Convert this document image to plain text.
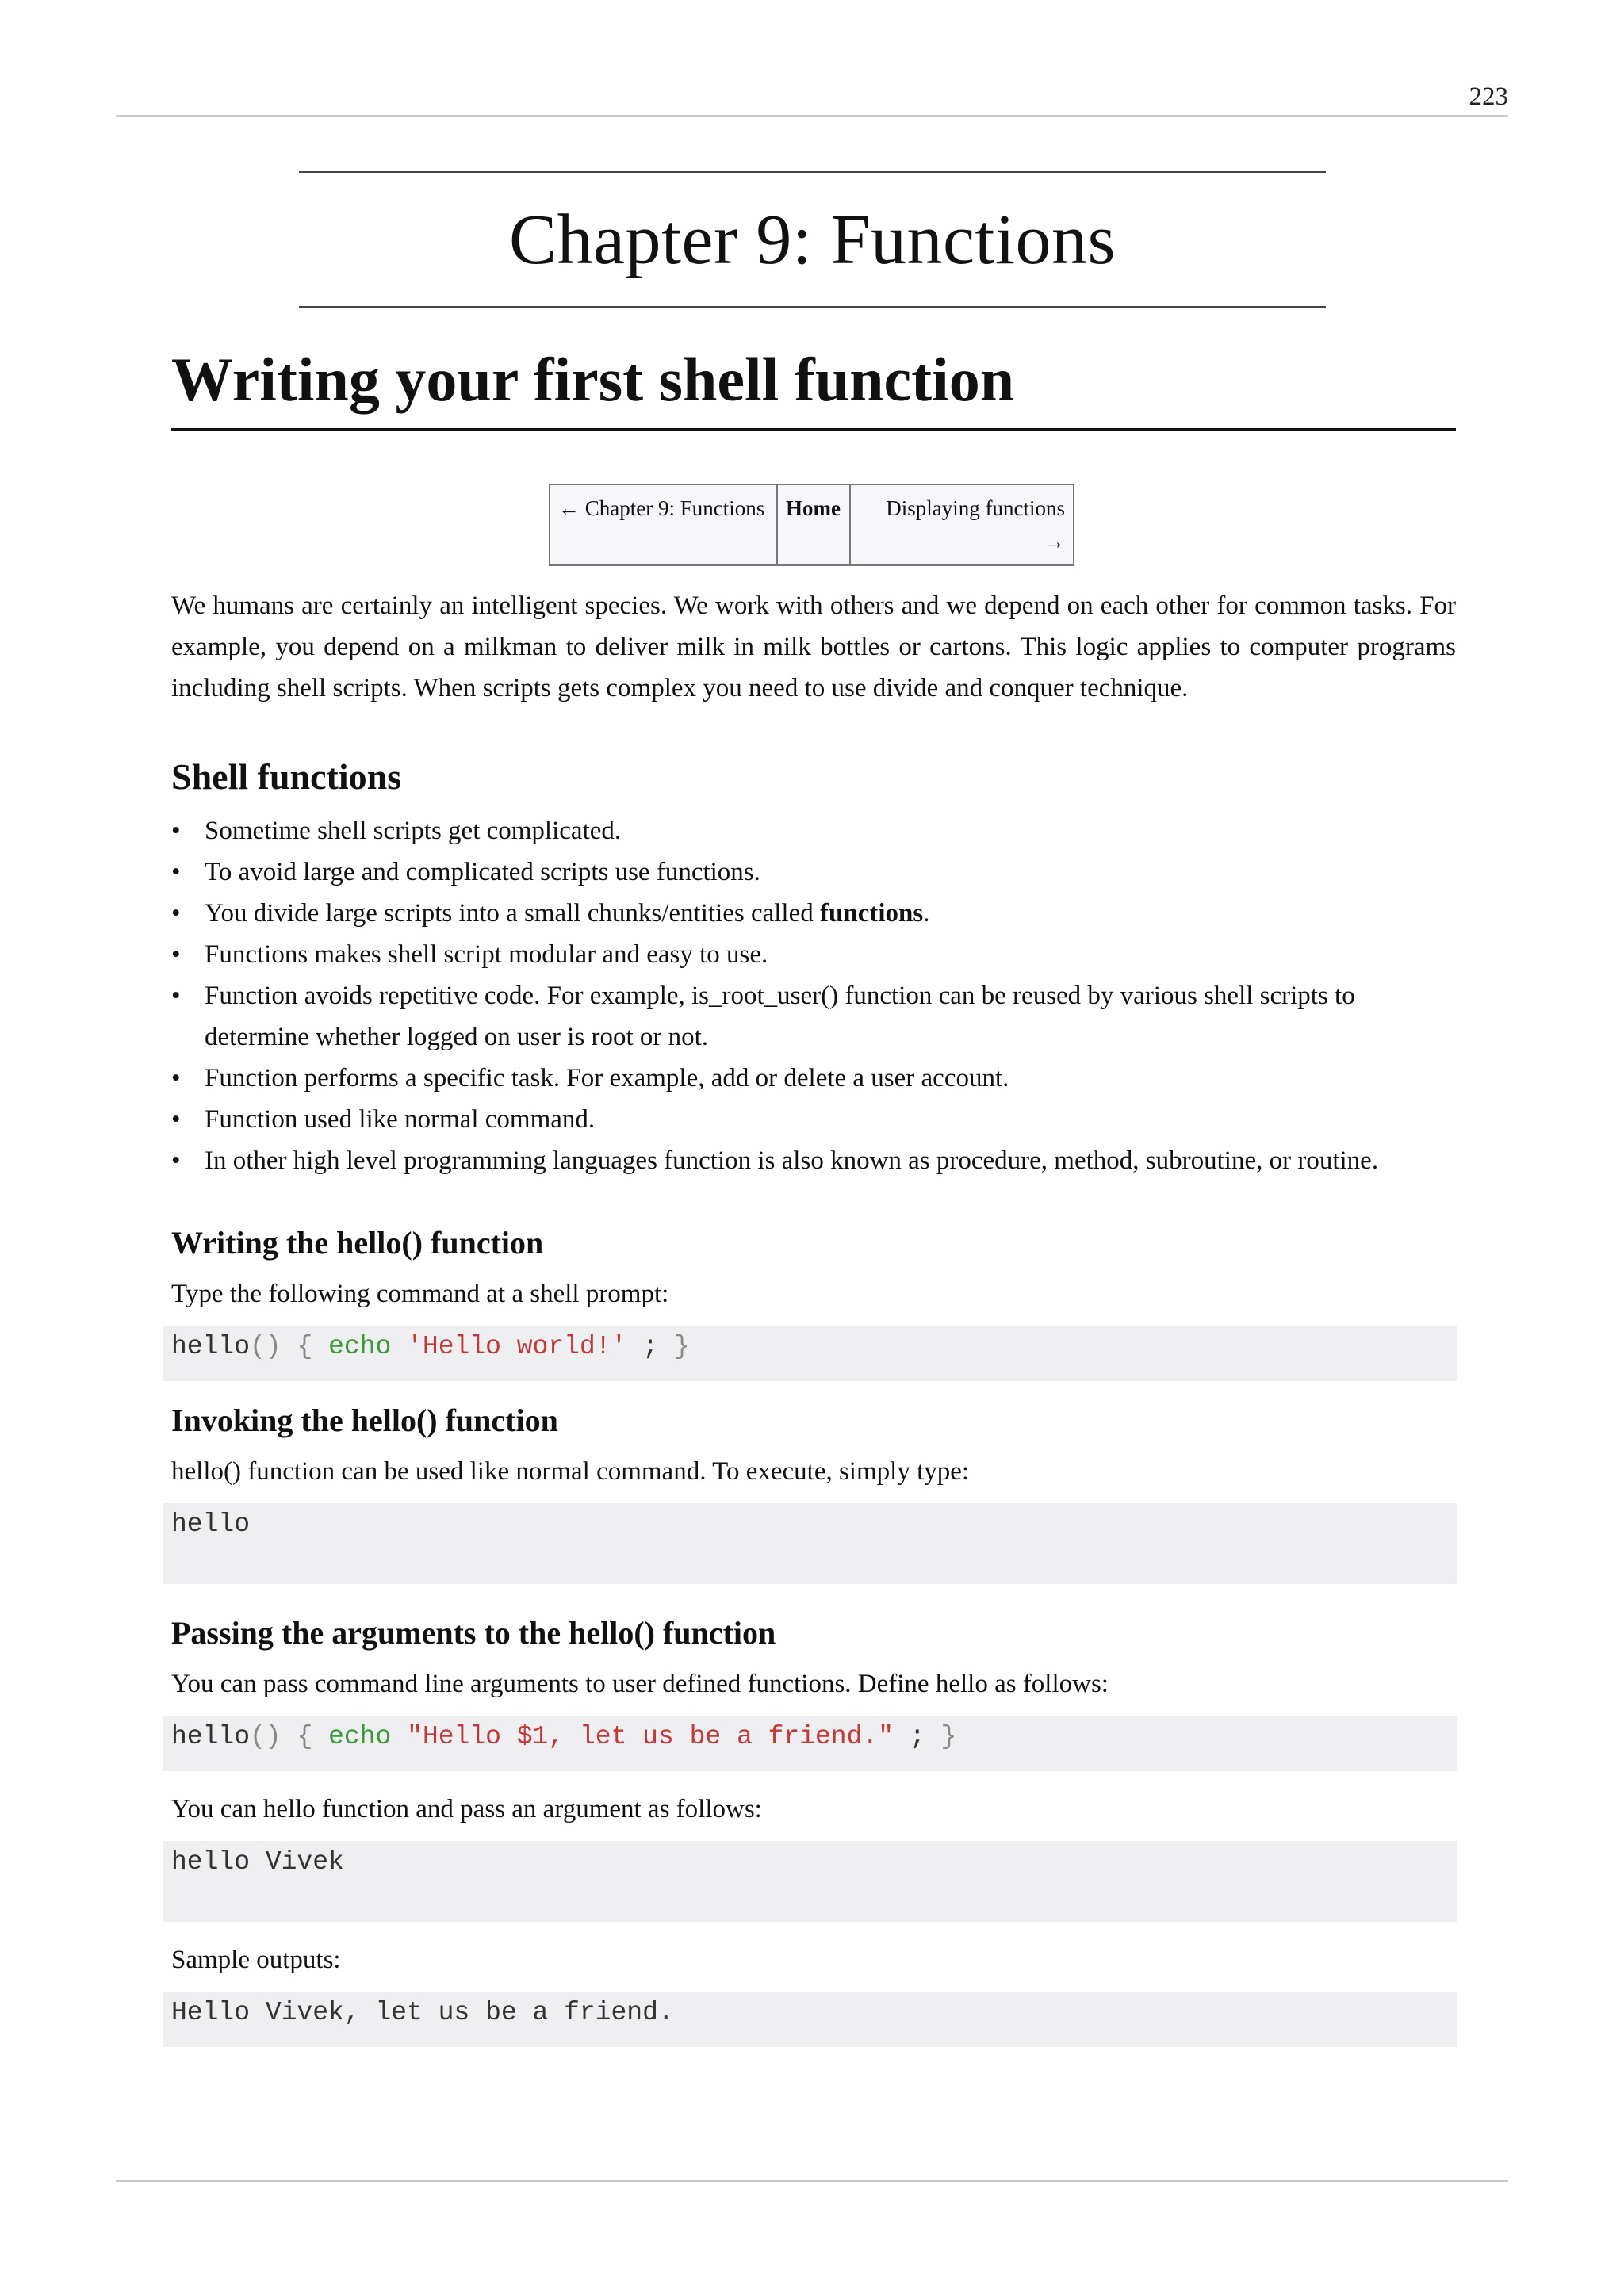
223
Chapter 9: Functions
Writing your first shell function
← Chapter 9: Functions	Home	Displaying functions
→

We humans are certainly an intelligent species. We work with others and we depend on each other for common tasks. For example, you depend on a milkman to deliver milk in milk bottles or cartons. This logic applies to computer programs including shell scripts. When scripts gets complex you need to use divide and conquer technique.

Shell functions
• Sometime shell scripts get complicated.
• To avoid large and complicated scripts use functions.
• You divide large scripts into a small chunks/entities called functions.
• Functions makes shell script modular and easy to use.
• Function avoids repetitive code. For example, is_root_user() function can be reused by various shell scripts to determine whether logged on user is root or not.
• Function performs a specific task. For example, add or delete a user account.
• Function used like normal command.
• In other high level programming languages function is also known as procedure, method, subroutine, or routine.
Writing the hello() function

Type the following command at a shell prompt:

hello() { echo 'Hello world!' ; }
Invoking the hello() function

hello() function can be used like normal command. To execute, simply type:

hello
Passing the arguments to the hello() function

You can pass command line arguments to user defined functions. Define hello as follows:

hello() { echo "Hello $1, let us be a friend." ; }

You can hello function and pass an argument as follows:

hello Vivek

Sample outputs:

Hello Vivek, let us be a friend.
